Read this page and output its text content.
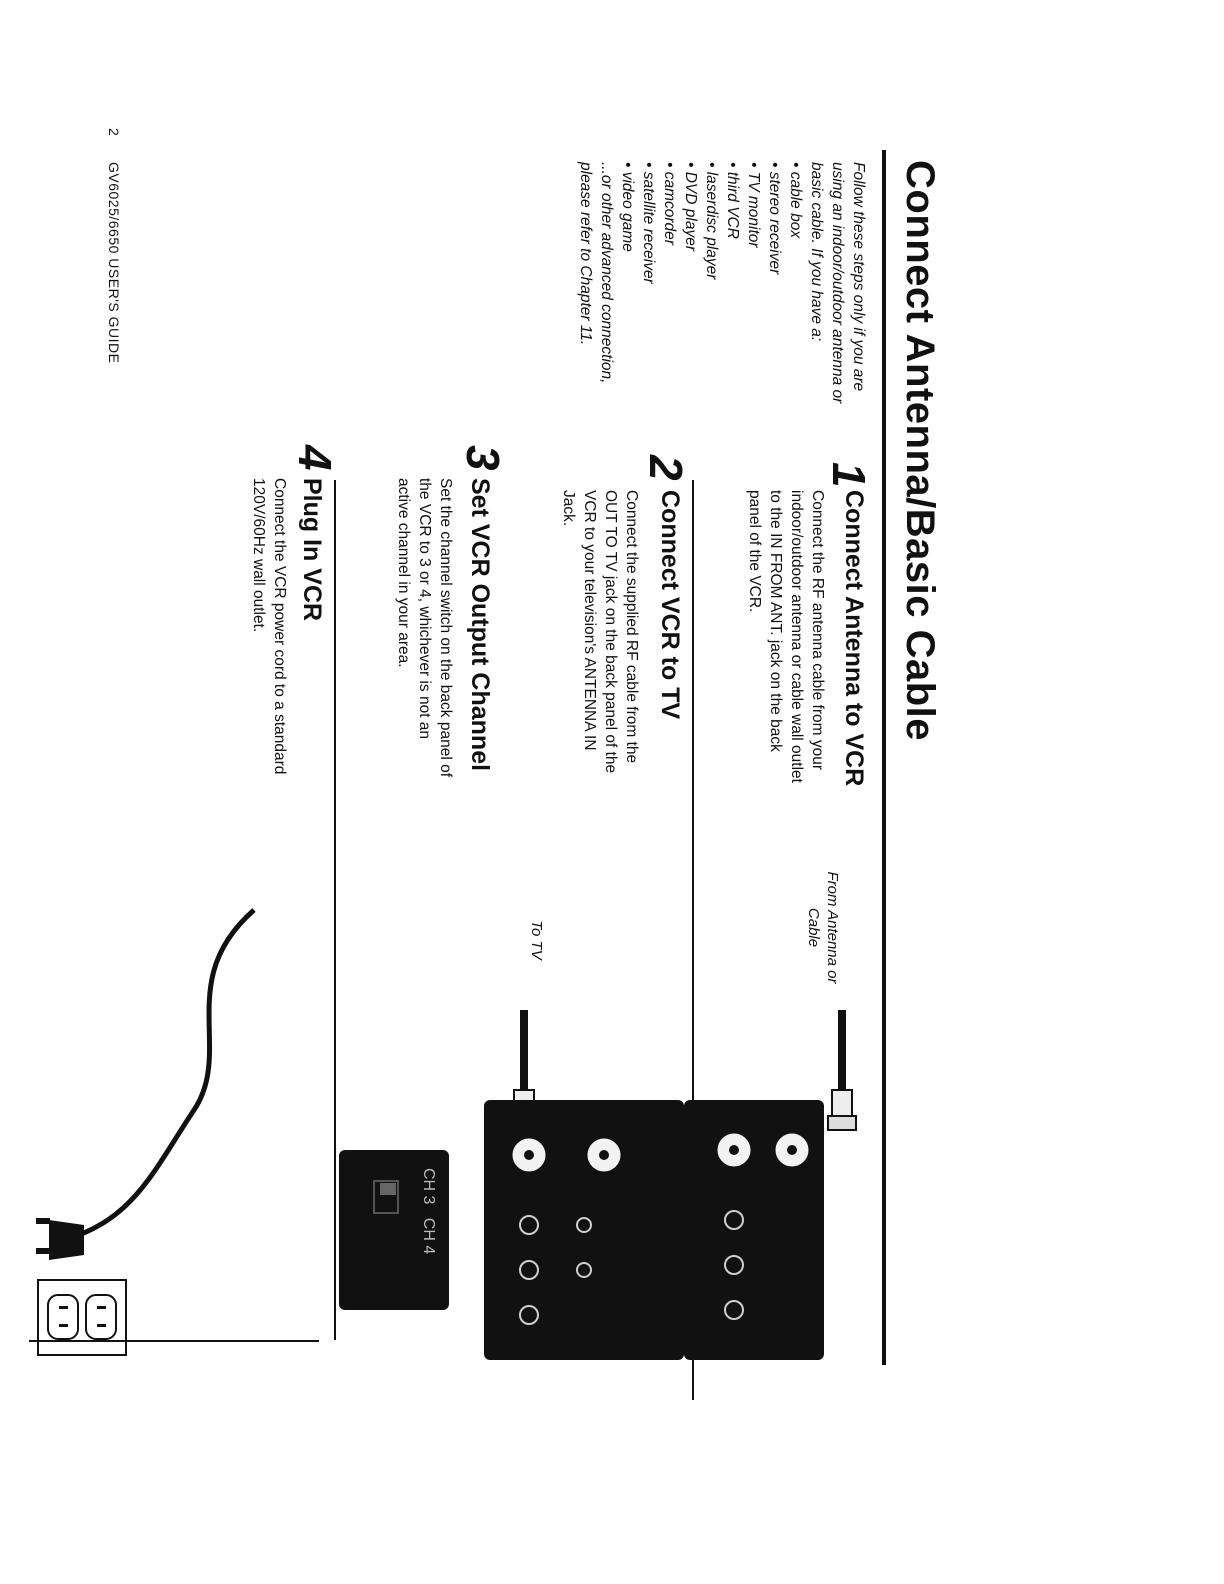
Connect Antenna/Basic Cable
Follow these steps only if you are using an indoor/outdoor antenna or basic cable. If you have a:
• cable box
• stereo receiver
• TV monitor
• third VCR
• laserdisc player
• DVD player
• camcorder
• satellite receiver
• video game
...or other advanced connection, please refer to Chapter 11.
1
Connect Antenna to VCR
Connect the RF antenna cable from your indoor/outdoor antenna or cable wall outlet to the IN FROM ANT. jack on the back panel of the VCR.
2
Connect VCR to TV
Connect the supplied RF cable from the OUT TO TV jack on the back panel of the VCR to your television's ANTENNA IN Jack.
3
Set VCR Output Channel
Set the channel switch on the back panel of the VCR to 3 or 4, whichever is not an active channel in your area.
4
Plug In VCR
Connect the VCR power cord to a standard 120V/60Hz wall outlet.
From Antenna or Cable
To TV
CH 3   CH 4
2
GV6025/6650 USER'S GUIDE
